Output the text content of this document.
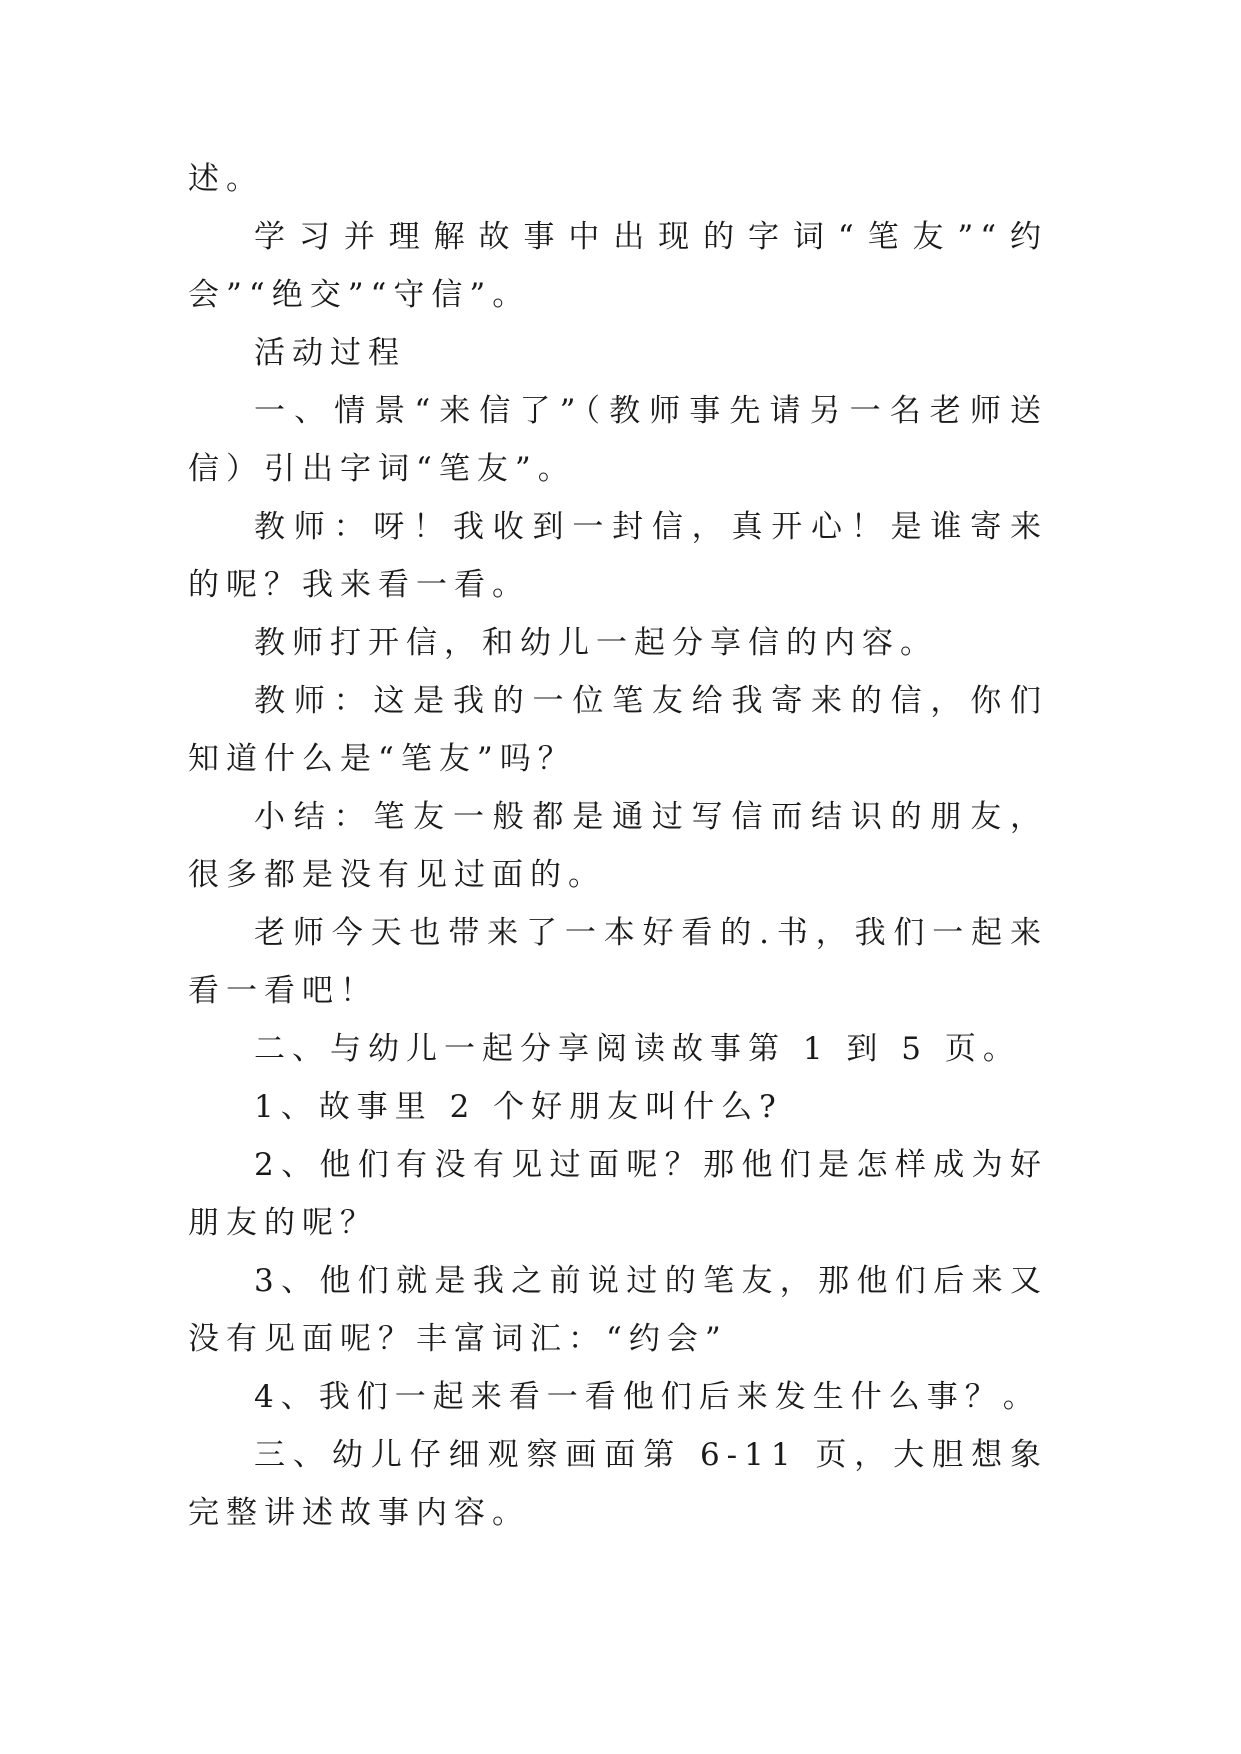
述。

学习并理解故事中出现的字词“笔友”“约会”“绝交”“守信”。

活动过程

一、情景“来信了”（教师事先请另一名老师送信）引出字词“笔友”。

教师：呀！我收到一封信，真开心！是谁寄来的呢？我来看一看。

教师打开信，和幼儿一起分享信的内容。

教师：这是我的一位笔友给我寄来的信，你们知道什么是“笔友”吗？

小结：笔友一般都是通过写信而结识的朋友，很多都是没有见过面的。

老师今天也带来了一本好看的.书，我们一起来看一看吧！

二、与幼儿一起分享阅读故事第 1 到 5 页。

1、故事里 2 个好朋友叫什么?

2、他们有没有见过面呢？那他们是怎样成为好朋友的呢？

3、他们就是我之前说过的笔友，那他们后来又没有见面呢？丰富词汇：“约会”

4、我们一起来看一看他们后来发生什么事？。

三、幼儿仔细观察画面第 6-11 页，大胆想象完整讲述故事内容。
